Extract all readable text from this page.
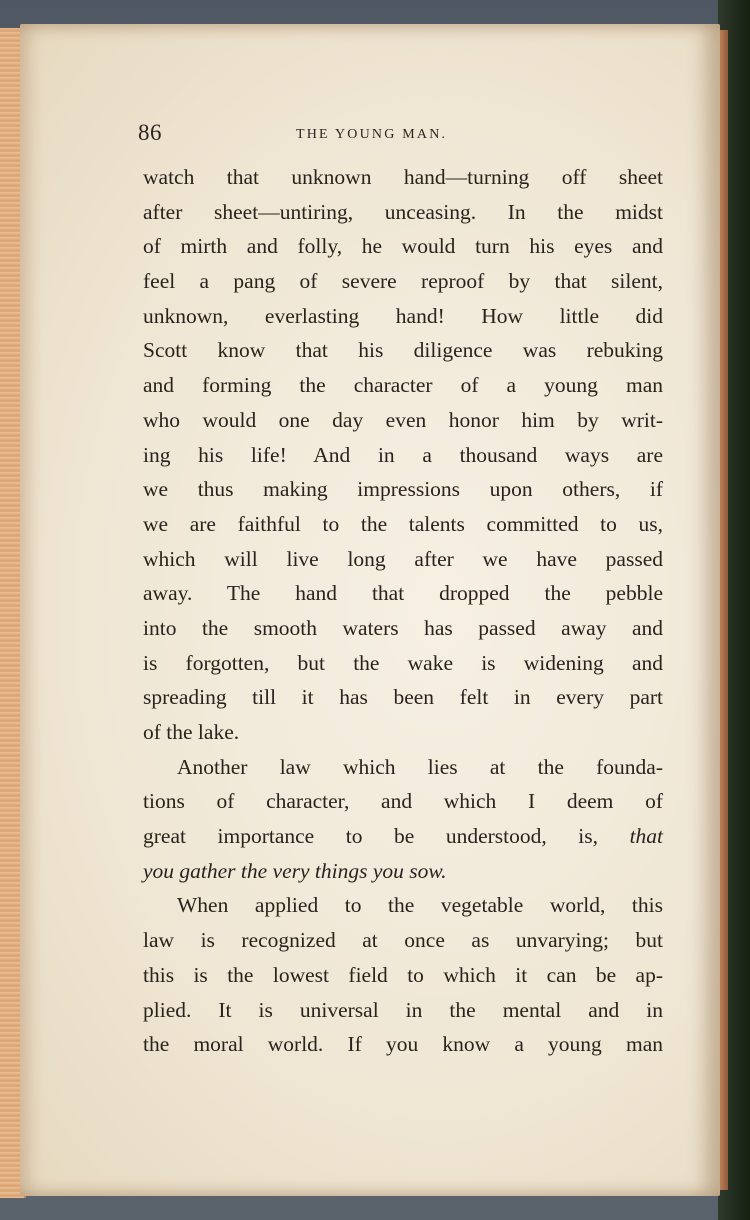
86	THE YOUNG MAN.
watch that unknown hand—turning off sheet
after sheet—untiring, unceasing. In the midst
of mirth and folly, he would turn his eyes and
feel a pang of severe reproof by that silent,
unknown, everlasting hand! How little did
Scott know that his diligence was rebuking
and forming the character of a young man
who would one day even honor him by writ-
ing his life! And in a thousand ways are
we thus making impressions upon others, if
we are faithful to the talents committed to us,
which will live long after we have passed
away. The hand that dropped the pebble
into the smooth waters has passed away and
is forgotten, but the wake is widening and
spreading till it has been felt in every part
of the lake.
Another law which lies at the founda-
tions of character, and which I deem of
great importance to be understood, is, that
you gather the very things you sow.
When applied to the vegetable world, this
law is recognized at once as unvarying; but
this is the lowest field to which it can be ap-
plied. It is universal in the mental and in
the moral world. If you know a young man
